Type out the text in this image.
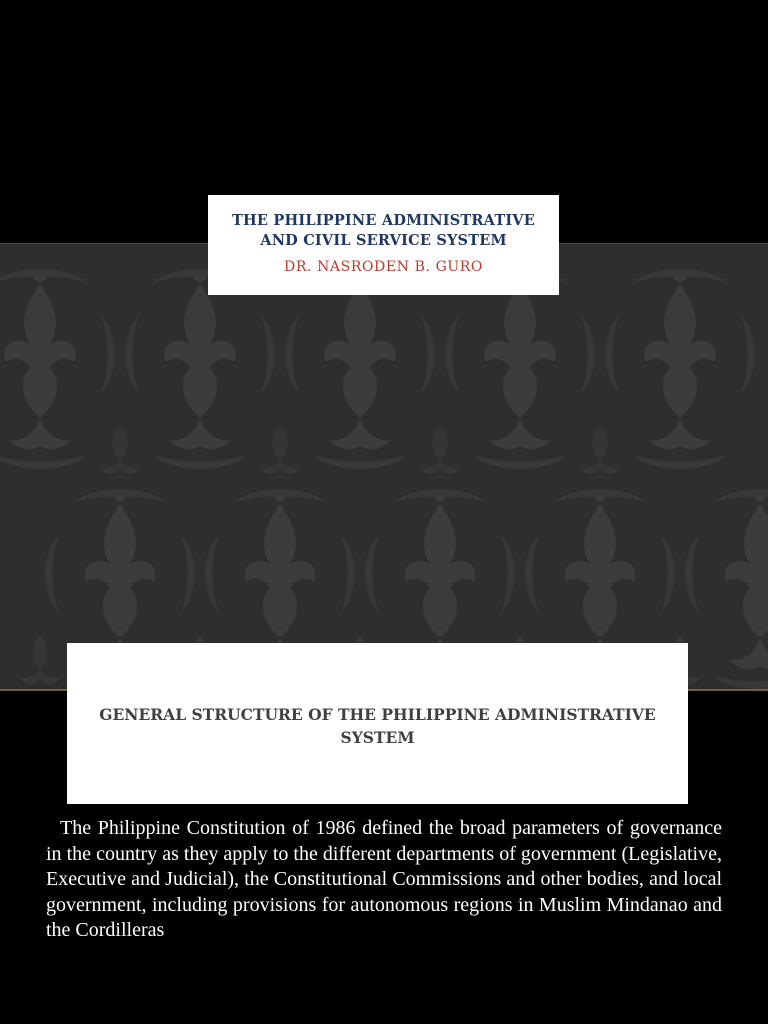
THE PHILIPPINE ADMINISTRATIVE
AND CIVIL SERVICE SYSTEM
DR. NASRODEN B. GURO
GENERAL STRUCTURE OF THE PHILIPPINE ADMINISTRATIVE
SYSTEM
The Philippine Constitution of 1986 defined the broad parameters of governance in the country as they apply to the different departments of government (Legislative, Executive and Judicial), the Constitutional Commissions and other bodies, and local government, including provisions for autonomous regions in Muslim Mindanao and the Cordilleras
